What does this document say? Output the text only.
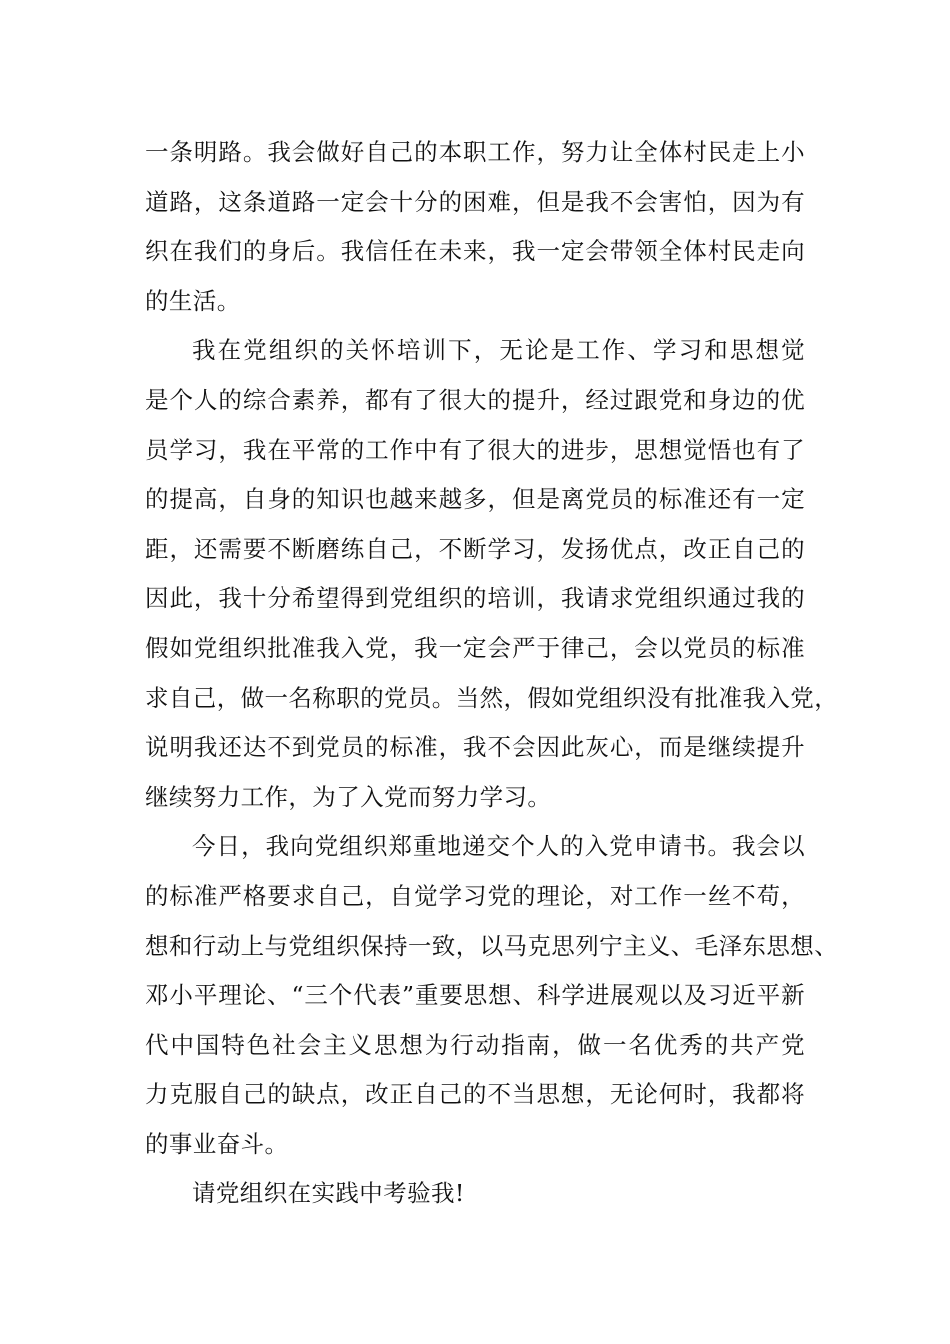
一条明路。我会做好自己的本职工作，努力让全体村民走上小
道路，这条道路一定会十分的困难，但是我不会害怕，因为有
织在我们的身后。我信任在未来，我一定会带领全体村民走向
的生活。
我在党组织的关怀培训下，无论是工作、学习和思想觉
是个人的综合素养，都有了很大的提升，经过跟党和身边的优
员学习，我在平常的工作中有了很大的进步，思想觉悟也有了
的提高，自身的知识也越来越多，但是离党员的标准还有一定
距，还需要不断磨练自己，不断学习，发扬优点，改正自己的
因此，我十分希望得到党组织的培训，我请求党组织通过我的
假如党组织批准我入党，我一定会严于律己，会以党员的标准
求自己，做一名称职的党员。当然，假如党组织没有批准我入党，
说明我还达不到党员的标准，我不会因此灰心，而是继续提升
继续努力工作，为了入党而努力学习。
今日，我向党组织郑重地递交个人的入党申请书。我会以
的标准严格要求自己，自觉学习党的理论，对工作一丝不苟，
想和行动上与党组织保持一致，以马克思列宁主义、毛泽东思想、
邓小平理论、“三个代表”重要思想、科学进展观以及习近平新
代中国特色社会主义思想为行动指南，做一名优秀的共产党
力克服自己的缺点，改正自己的不当思想，无论何时，我都将
的事业奋斗。
请党组织在实践中考验我!
